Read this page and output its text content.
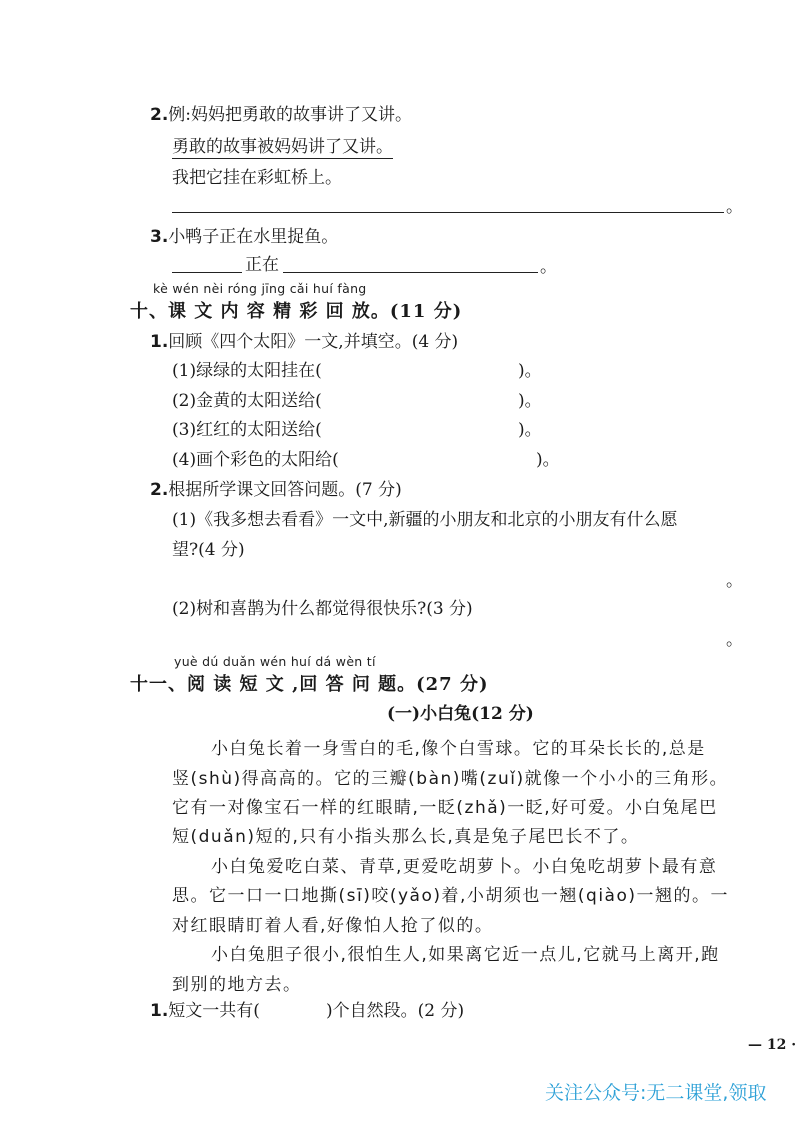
2.例:妈妈把勇敢的故事讲了又讲。
勇敢的故事被妈妈讲了又讲。
我把它挂在彩虹桥上。
。
3.小鸭子正在水里捉鱼。
正在	。
kè wén nèi róng jīng cǎi huí fàng
十、课 文 内 容 精 彩 回 放。(11 分)
1.回顾《四个太阳》一文,并填空。(4 分)
(1)绿绿的太阳挂在(	)。
(2)金黄的太阳送给(	)。
(3)红红的太阳送给(	)。
(4)画个彩色的太阳给(	)。
2.根据所学课文回答问题。(7 分)
(1)《我多想去看看》一文中,新疆的小朋友和北京的小朋友有什么愿
望?(4 分)
。
(2)树和喜鹊为什么都觉得很快乐?(3 分)
。
yuè dú duǎn wén huí dá wèn tí
十一、阅 读 短 文 ,回 答 问 题。(27 分)
(一)小白兔(12 分)
小白兔长着一身雪白的毛,像个白雪球。它的耳朵长长的,总是
竖(shù)得高高的。它的三瓣(bàn)嘴(zuǐ)就像一个小小的三角形。
它有一对像宝石一样的红眼睛,一眨(zhǎ)一眨,好可爱。小白兔尾巴
短(duǎn)短的,只有小指头那么长,真是兔子尾巴长不了。
小白兔爱吃白菜、青草,更爱吃胡萝卜。小白兔吃胡萝卜最有意
思。它一口一口地撕(sī)咬(yǎo)着,小胡须也一翘(qiào)一翘的。一
对红眼睛盯着人看,好像怕人抢了似的。
小白兔胆子很小,很怕生人,如果离它近一点儿,它就马上离开,跑
到别的地方去。
1.短文一共有(	)个自然段。(2 分)
— 12 ·
关注公众号:无二课堂,领取
